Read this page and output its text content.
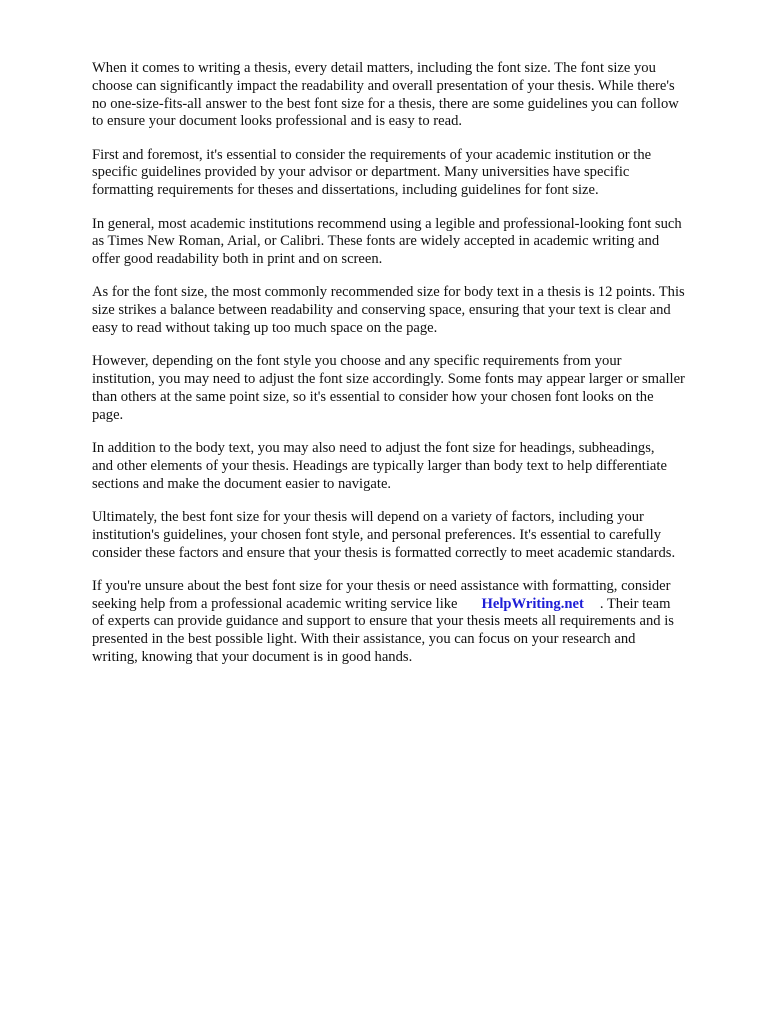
When it comes to writing a thesis, every detail matters, including the font size. The font size you
choose can significantly impact the readability and overall presentation of your thesis. While there's
no one-size-fits-all answer to the best font size for a thesis, there are some guidelines you can follow
to ensure your document looks professional and is easy to read.

First and foremost, it's essential to consider the requirements of your academic institution or the
specific guidelines provided by your advisor or department. Many universities have specific
formatting requirements for theses and dissertations, including guidelines for font size.

In general, most academic institutions recommend using a legible and professional-looking font such
as Times New Roman, Arial, or Calibri. These fonts are widely accepted in academic writing and
offer good readability both in print and on screen.

As for the font size, the most commonly recommended size for body text in a thesis is 12 points. This
size strikes a balance between readability and conserving space, ensuring that your text is clear and
easy to read without taking up too much space on the page.

However, depending on the font style you choose and any specific requirements from your
institution, you may need to adjust the font size accordingly. Some fonts may appear larger or smaller
than others at the same point size, so it's essential to consider how your chosen font looks on the
page.

In addition to the body text, you may also need to adjust the font size for headings, subheadings,
and other elements of your thesis. Headings are typically larger than body text to help differentiate
sections and make the document easier to navigate.

Ultimately, the best font size for your thesis will depend on a variety of factors, including your
institution's guidelines, your chosen font style, and personal preferences. It's essential to carefully
consider these factors and ensure that your thesis is formatted correctly to meet academic standards.

If you're unsure about the best font size for your thesis or need assistance with formatting, consider
seeking help from a professional academic writing service like HelpWriting.net . Their team
of experts can provide guidance and support to ensure that your thesis meets all requirements and is
presented in the best possible light. With their assistance, you can focus on your research and
writing, knowing that your document is in good hands.
